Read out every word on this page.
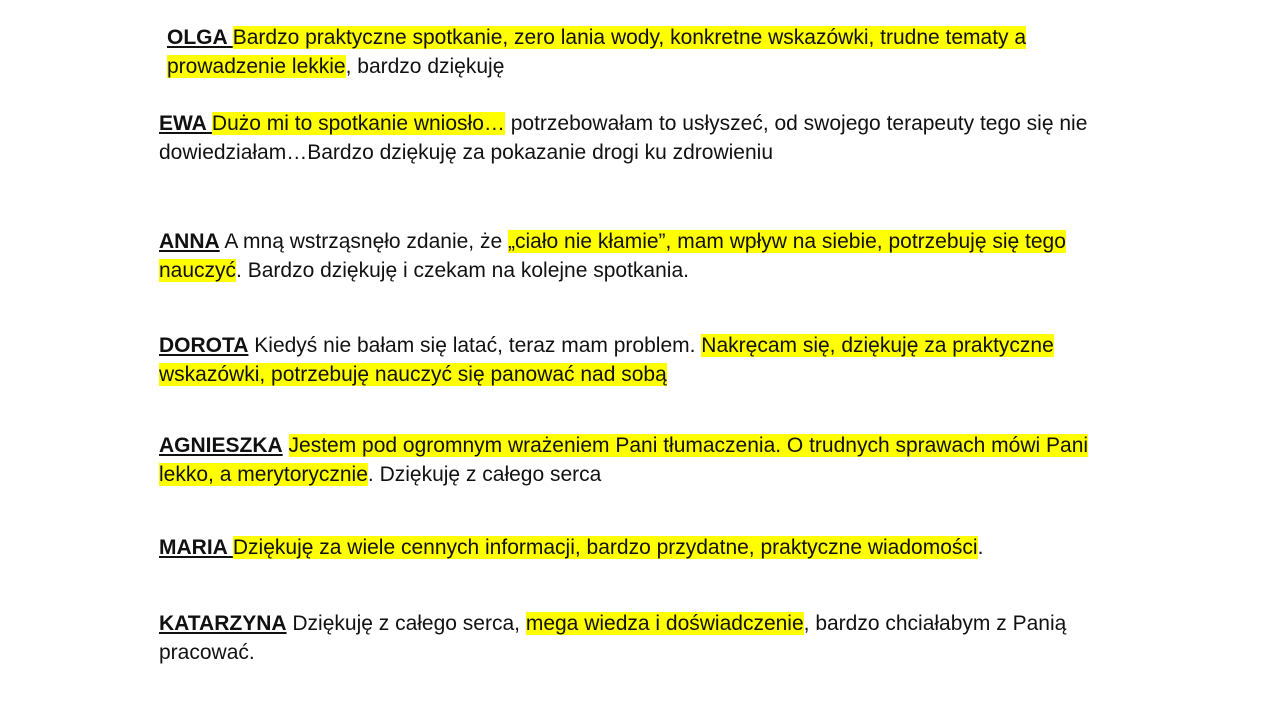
OLGA Bardzo praktyczne spotkanie, zero lania wody, konkretne wskazówki, trudne tematy a prowadzenie lekkie, bardzo dziękuję

EWA Dużo mi to spotkanie wniosło… potrzebowałam to usłyszeć, od swojego terapeuty tego się nie dowiedziałam…Bardzo dziękuję za pokazanie drogi ku zdrowieniu

ANNA A mną wstrząsnęło zdanie, że „ciało nie kłamie”, mam wpływ na siebie, potrzebuję się tego nauczyć. Bardzo dziękuję i czekam na kolejne spotkania.

DOROTA Kiedyś nie bałam się latać, teraz mam problem. Nakręcam się, dziękuję za praktyczne wskazówki, potrzebuję nauczyć się panować nad sobą

AGNIESZKA Jestem pod ogromnym wrażeniem Pani tłumaczenia. O trudnych sprawach mówi Pani lekko, a merytorycznie. Dziękuję z całego serca

MARIA Dziękuję za wiele cennych informacji, bardzo przydatne, praktyczne wiadomości.

KATARZYNA Dziękuję z całego serca, mega wiedza i doświadczenie, bardzo chciałabym z Panią pracować.
